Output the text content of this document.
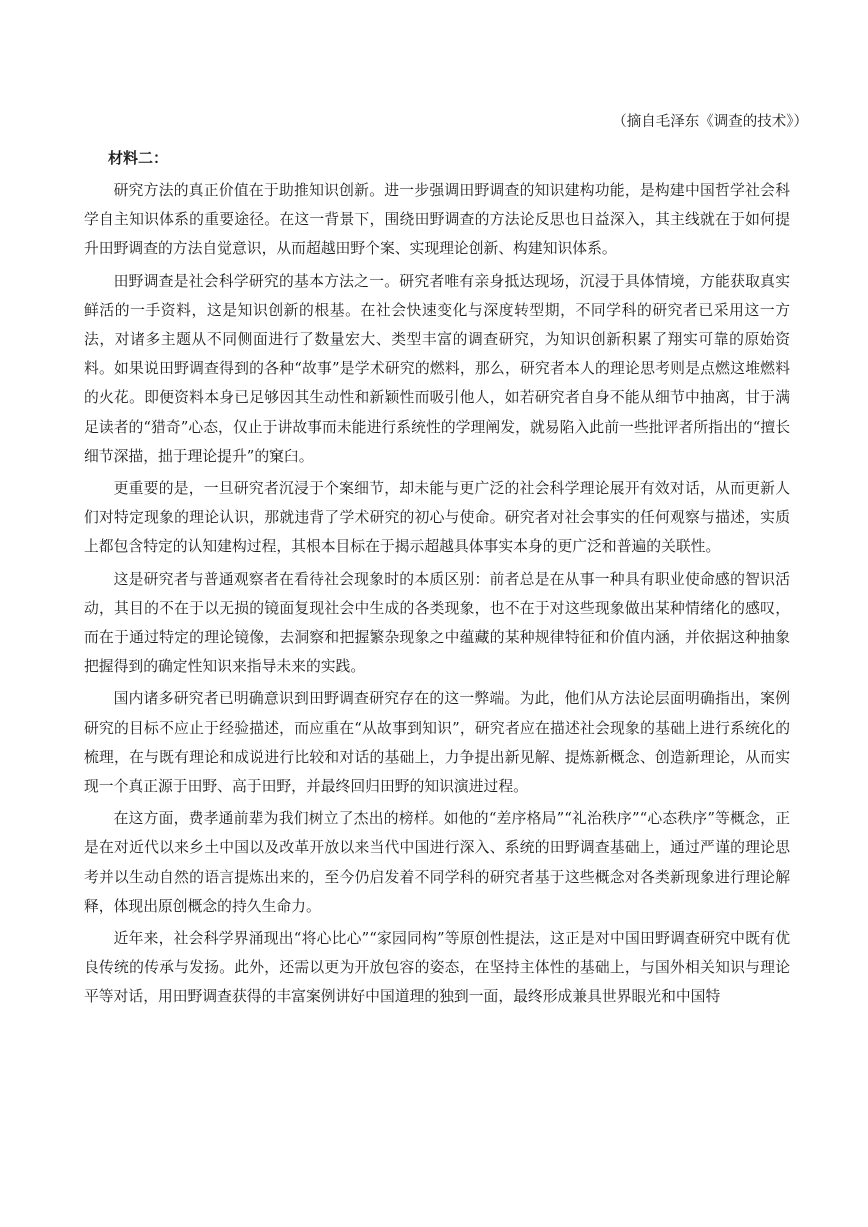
（摘自毛泽东《调查的技术》）
材料二：

研究方法的真正价值在于助推知识创新。进一步强调田野调查的知识建构功能，是构建中国哲学社会科学自主知识体系的重要途径。在这一背景下，围绕田野调查的方法论反思也日益深入，其主线就在于如何提升田野调查的方法自觉意识，从而超越田野个案、实现理论创新、构建知识体系。

田野调查是社会科学研究的基本方法之一。研究者唯有亲身抵达现场，沉浸于具体情境，方能获取真实鲜活的一手资料，这是知识创新的根基。在社会快速变化与深度转型期，不同学科的研究者已采用这一方法，对诸多主题从不同侧面进行了数量宏大、类型丰富的调查研究，为知识创新积累了翔实可靠的原始资料。如果说田野调查得到的各种“故事”是学术研究的燃料，那么，研究者本人的理论思考则是点燃这堆燃料的火花。即便资料本身已足够因其生动性和新颖性而吸引他人，如若研究者自身不能从细节中抽离，甘于满足读者的“猎奇”心态，仅止于讲故事而未能进行系统性的学理阐发，就易陷入此前一些批评者所指出的“擅长细节深描，拙于理论提升”的窠臼。

更重要的是，一旦研究者沉浸于个案细节，却未能与更广泛的社会科学理论展开有效对话，从而更新人们对特定现象的理论认识，那就违背了学术研究的初心与使命。研究者对社会事实的任何观察与描述，实质上都包含特定的认知建构过程，其根本目标在于揭示超越具体事实本身的更广泛和普遍的关联性。

这是研究者与普通观察者在看待社会现象时的本质区别：前者总是在从事一种具有职业使命感的智识活动，其目的不在于以无损的镜面复现社会中生成的各类现象，也不在于对这些现象做出某种情绪化的感叹，而在于通过特定的理论镜像，去洞察和把握繁杂现象之中蕴藏的某种规律特征和价值内涵，并依据这种抽象把握得到的确定性知识来指导未来的实践。

国内诸多研究者已明确意识到田野调查研究存在的这一弊端。为此，他们从方法论层面明确指出，案例研究的目标不应止于经验描述，而应重在“从故事到知识”，研究者应在描述社会现象的基础上进行系统化的梳理，在与既有理论和成说进行比较和对话的基础上，力争提出新见解、提炼新概念、创造新理论，从而实现一个真正源于田野、高于田野，并最终回归田野的知识演进过程。

在这方面，费孝通前辈为我们树立了杰出的榜样。如他的“差序格局”“礼治秩序”“心态秩序”等概念，正是在对近代以来乡土中国以及改革开放以来当代中国进行深入、系统的田野调查基础上，通过严谨的理论思考并以生动自然的语言提炼出来的，至今仍启发着不同学科的研究者基于这些概念对各类新现象进行理论解释，体现出原创概念的持久生命力。

近年来，社会科学界涌现出“将心比心”“家园同构”等原创性提法，这正是对中国田野调查研究中既有优良传统的传承与发扬。此外，还需以更为开放包容的姿态，在坚持主体性的基础上，与国外相关知识与理论平等对话，用田野调查获得的丰富案例讲好中国道理的独到一面，最终形成兼具世界眼光和中国特
